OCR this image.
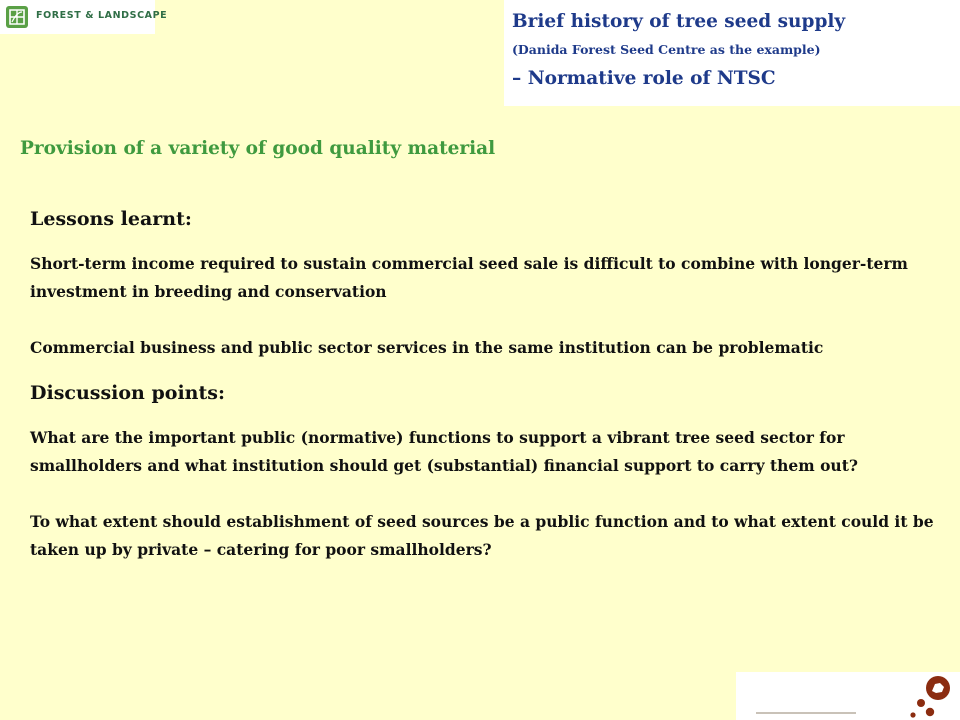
FOREST & LANDSCAPE	Brief history of tree seed supply
(Danida Forest Seed Centre as the example)
– Normative role of NTSC
Provision of a variety of good quality material

Lessons learnt:

Short-term income required to sustain commercial seed sale is difficult to combine with longer-term investment in breeding and conservation

Commercial business and public sector services in the same institution can be problematic

Discussion points:

What are the important public (normative) functions to support a vibrant tree seed sector for smallholders and what institution should get (substantial) financial support to carry them out?

To what extent should establishment of seed sources be a public function and to what extent could it be taken up by private – catering for poor smallholders?
